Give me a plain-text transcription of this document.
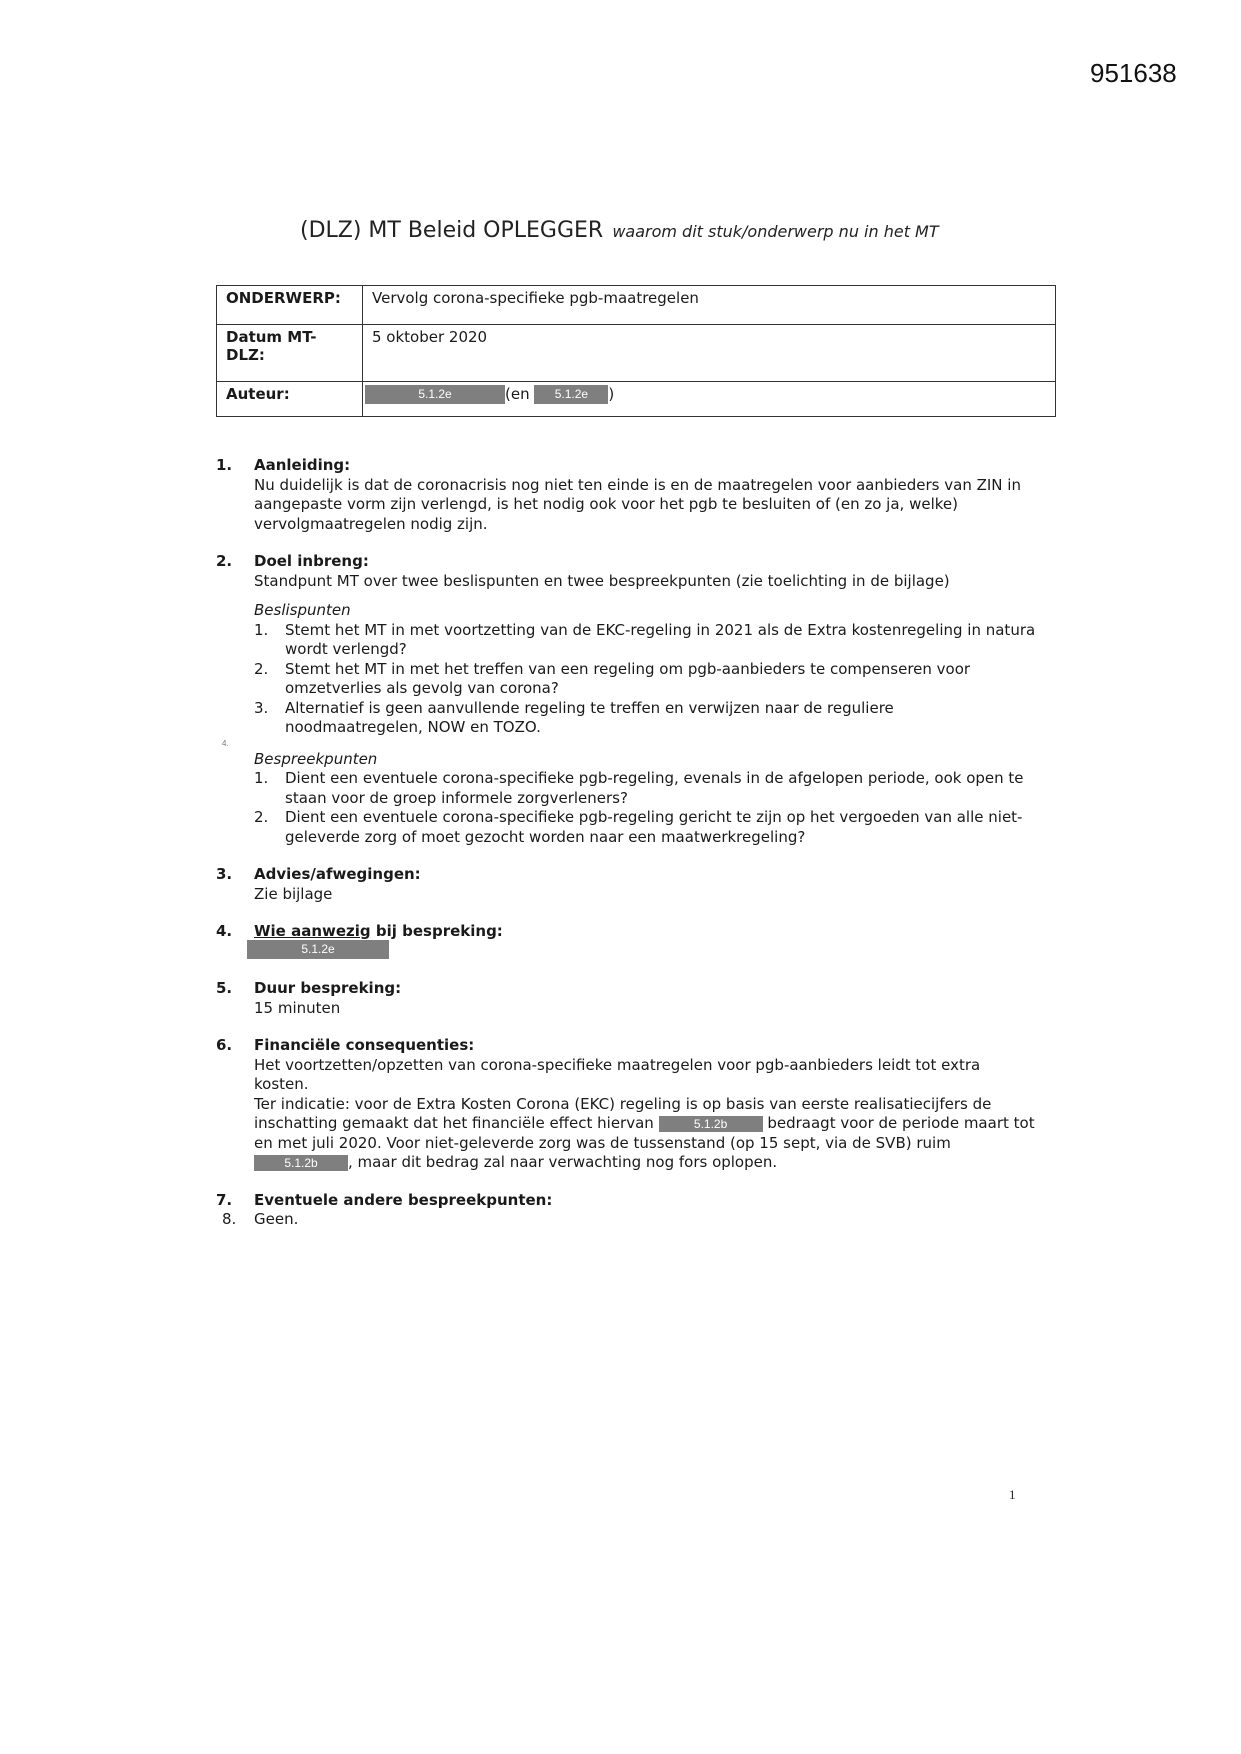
951638
(DLZ) MT Beleid OPLEGGER waarom dit stuk/onderwerp nu in het MT
ONDERWERP:	Vervolg corona-specifieke pgb-maatregelen
Datum MT-DLZ:	5 oktober 2020
Auteur:	5.1.2e (en 5.1.2e )
4.
1.	Aanleiding:
Nu duidelijk is dat de coronacrisis nog niet ten einde is en de maatregelen voor aanbieders van ZIN in aangepaste vorm zijn verlengd, is het nodig ook voor het pgb te besluiten of (en zo ja, welke) vervolgmaatregelen nodig zijn.
2.	Doel inbreng:
Standpunt MT over twee beslispunten en twee bespreekpunten (zie toelichting in de bijlage)
Beslispunten
1.	Stemt het MT in met voortzetting van de EKC-regeling in 2021 als de Extra kostenregeling in natura wordt verlengd?
2.	Stemt het MT in met het treffen van een regeling om pgb-aanbieders te compenseren voor omzetverlies als gevolg van corona?
3.	Alternatief is geen aanvullende regeling te treffen en verwijzen naar de reguliere noodmaatregelen, NOW en TOZO.
Bespreekpunten
1.	Dient een eventuele corona-specifieke pgb-regeling, evenals in de afgelopen periode, ook open te staan voor de groep informele zorgverleners?
2.	Dient een eventuele corona-specifieke pgb-regeling gericht te zijn op het vergoeden van alle niet-geleverde zorg of moet gezocht worden naar een maatwerkregeling?
3.	Advies/afwegingen:
Zie bijlage
4.	Wie aanwezig bij bespreking:
5.1.2e
5.	Duur bespreking:
15 minuten
6.	Financiële consequenties:
Het voortzetten/opzetten van corona-specifieke maatregelen voor pgb-aanbieders leidt tot extra kosten.
Ter indicatie: voor de Extra Kosten Corona (EKC) regeling is op basis van eerste realisatiecijfers de inschatting gemaakt dat het financiële effect hiervan	5.1.2b	bedraagt voor de periode maart tot en met juli 2020. Voor niet-geleverde zorg was de tussenstand (op 15 sept, via de SVB) ruim 5.1.2b , maar dit bedrag zal naar verwachting nog fors oplopen.
7.	Eventuele andere bespreekpunten:
8.	Geen.
1
